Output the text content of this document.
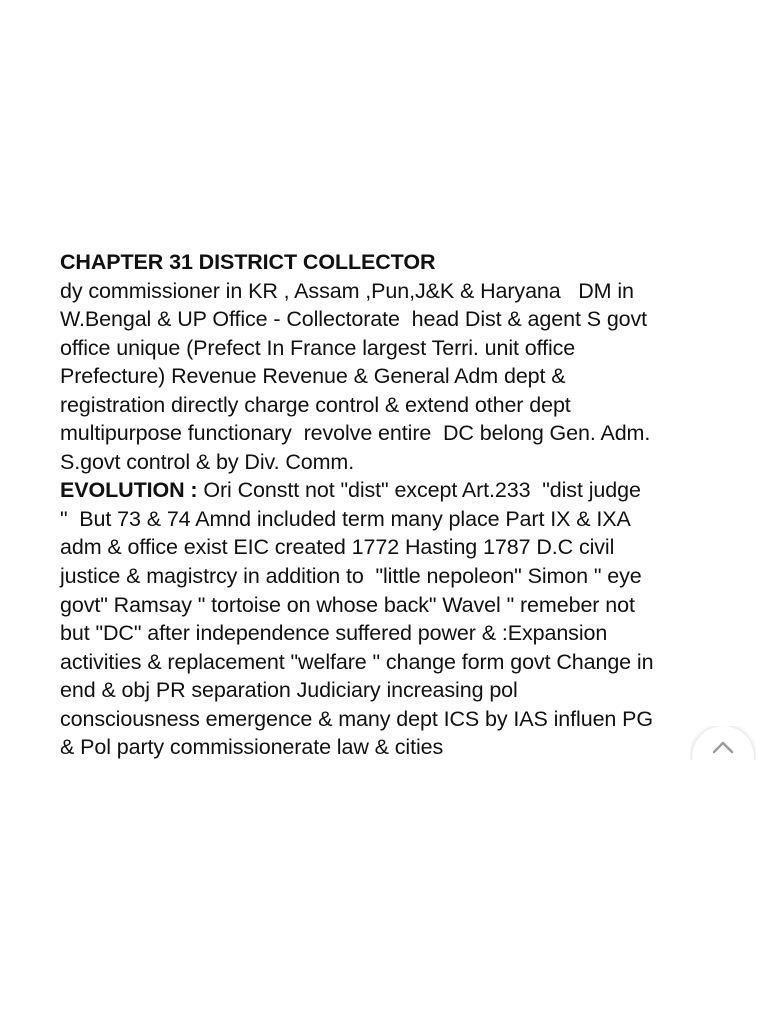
CHAPTER 31 DISTRICT COLLECTOR
dy commissioner in KR , Assam ,Pun,J&K & Haryana   DM in
W.Bengal & UP Office - Collectorate  head Dist & agent S govt
office unique (Prefect In France largest Terri. unit office
Prefecture) Revenue Revenue & General Adm dept &
registration directly charge control & extend other dept
multipurpose functionary  revolve entire  DC belong Gen. Adm.
S.govt control & by Div. Comm.
EVOLUTION : Ori Constt not "dist" except Art.233  "dist judge
"  But 73 & 74 Amnd included term many place Part IX & IXA
adm & office exist EIC created 1772 Hasting 1787 D.C civil
justice & magistrcy in addition to  "little nepoleon" Simon " eye
govt" Ramsay " tortoise on whose back" Wavel " remeber not
but "DC" after independence suffered power & :Expansion
activities & replacement "welfare " change form govt Change in
end & obj PR separation Judiciary increasing pol
consciousness emergence & many dept ICS by IAS influen PG
& Pol party commissionerate law & cities
